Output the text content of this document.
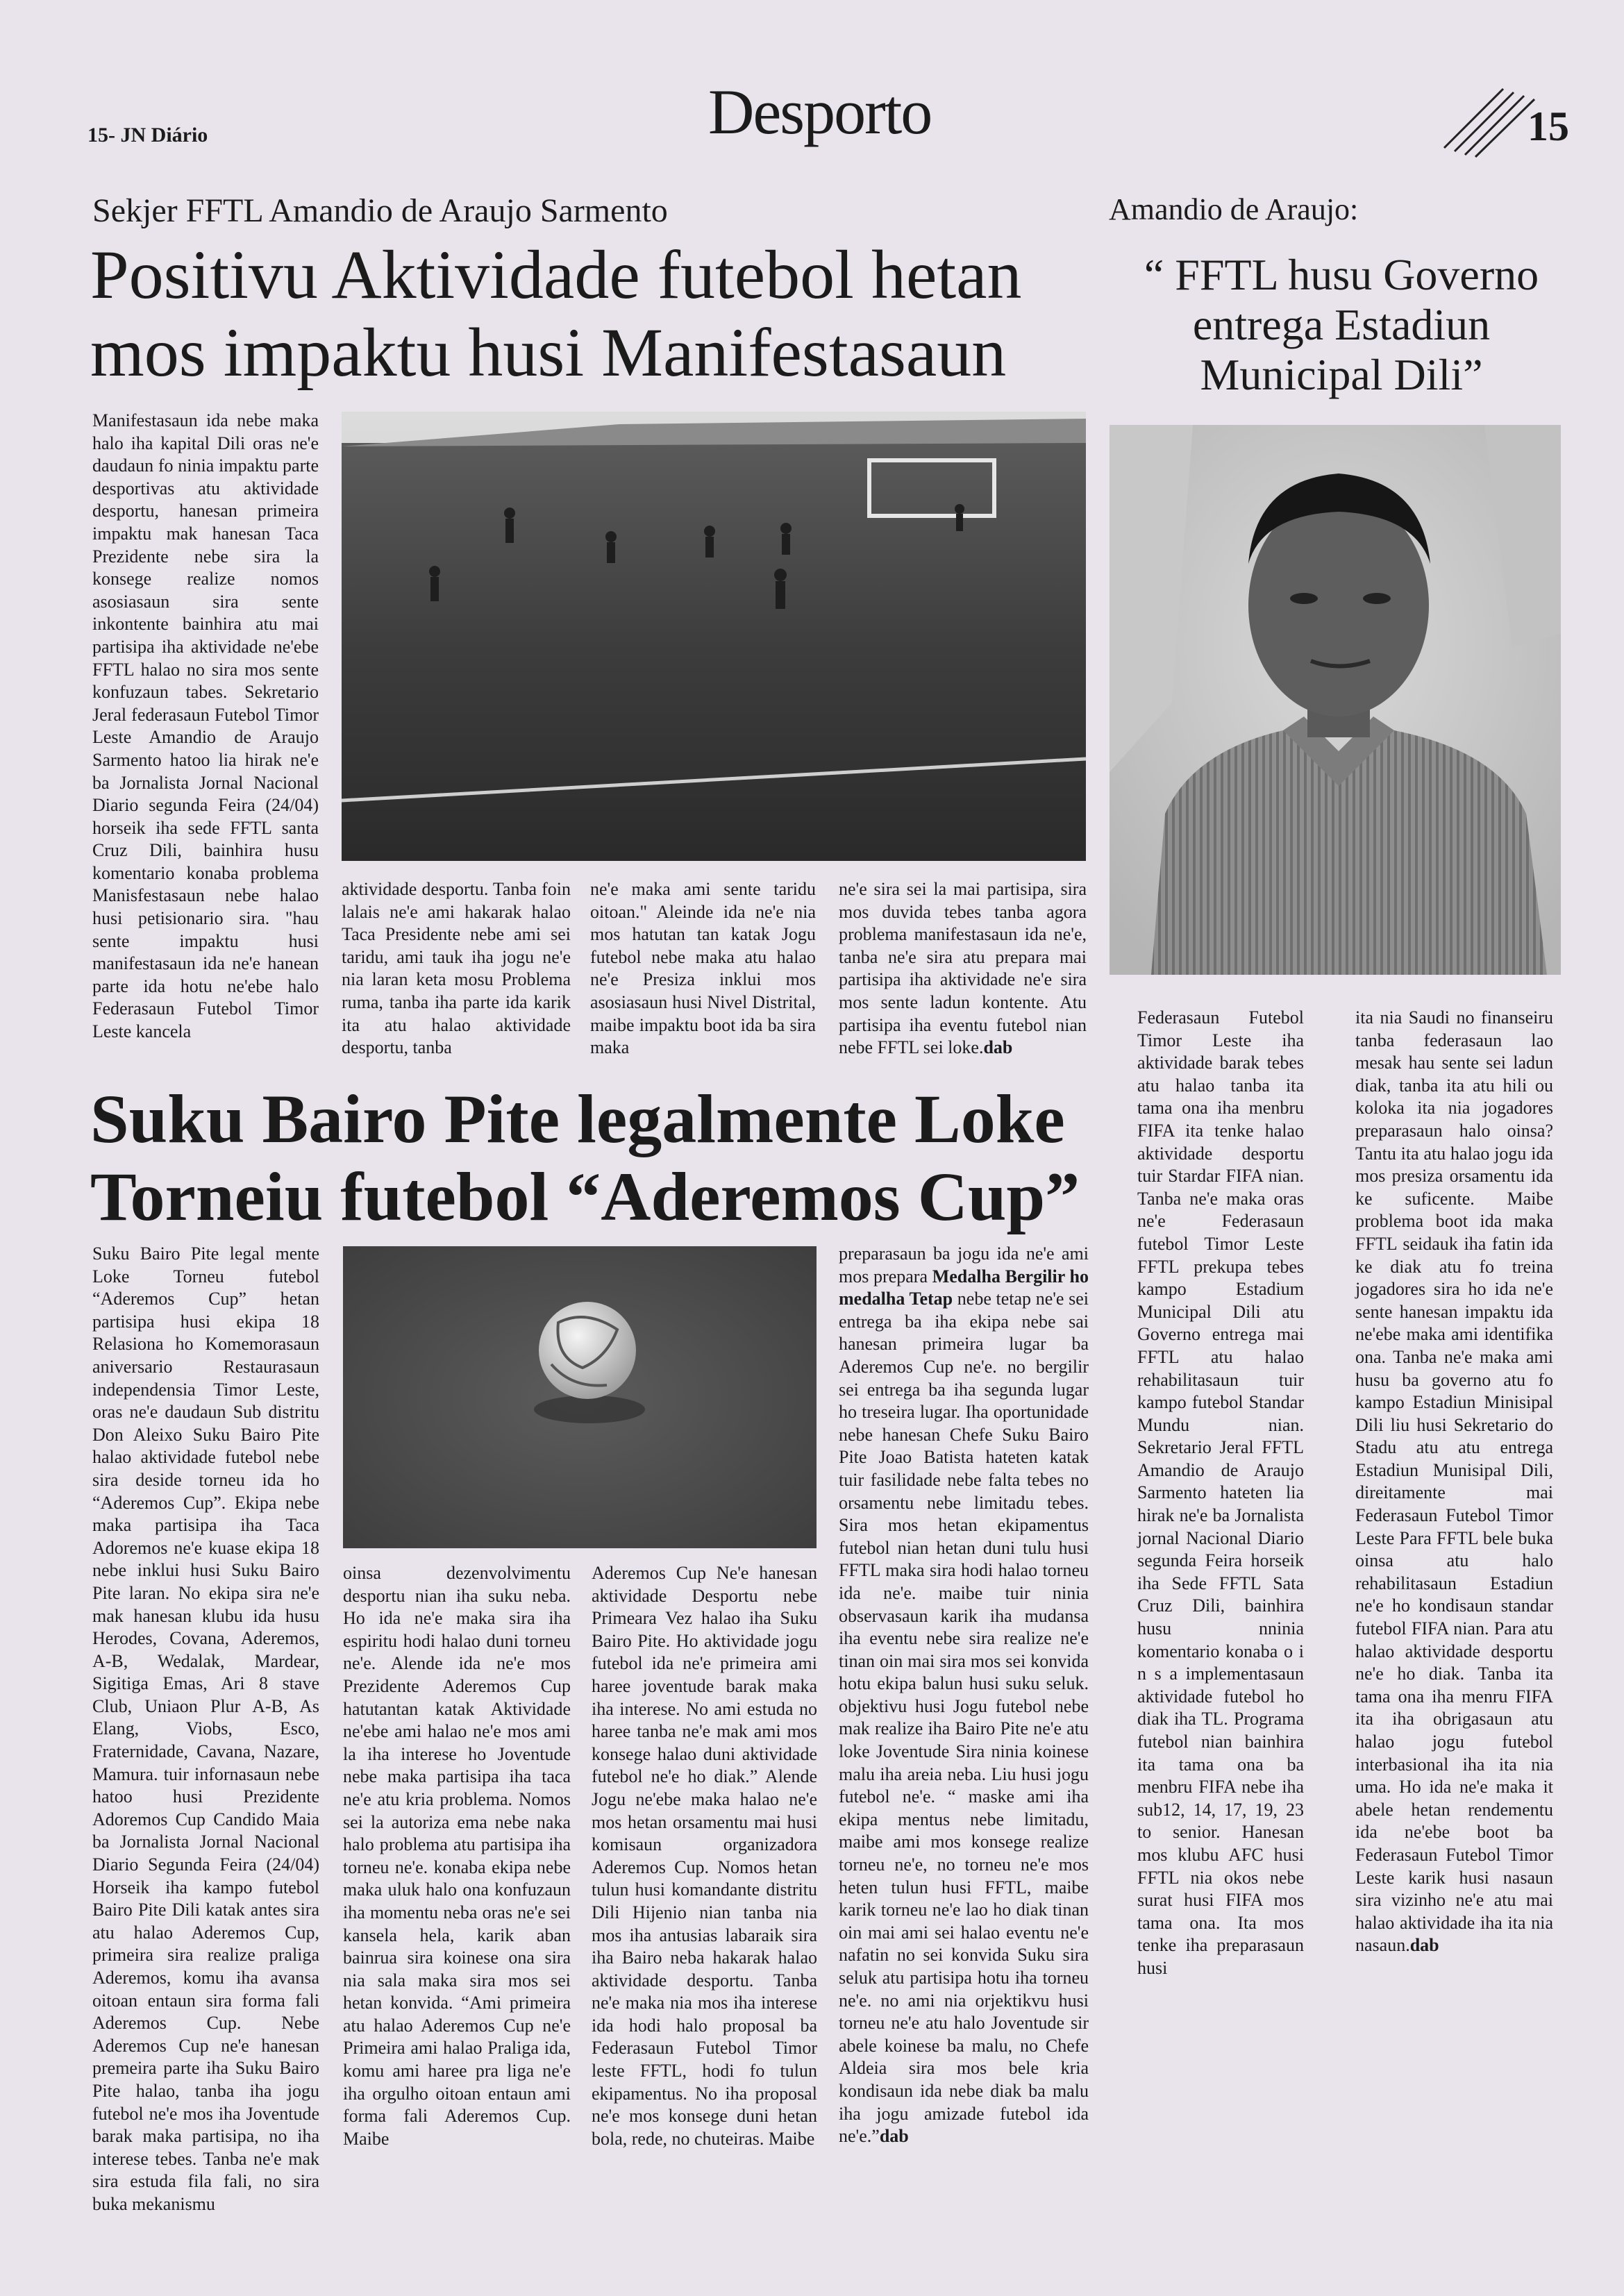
15- JN Diário	Desporto	15
Sekjer FFTL Amandio de Araujo Sarmento
Positivu Aktividade futebol hetan mos impaktu husi Manifestasaun

Manifestasaun ida nebe maka halo iha kapital Dili oras ne'e daudaun fo ninia impaktu parte desportivas atu aktividade desportu, hanesan primeira impaktu mak hanesan Taca Prezidente nebe sira la konsege realize nomos asosiasaun sira sente inkontente bainhira atu mai partisipa iha aktividade ne'ebe FFTL halao no sira mos sente konfuzaun tabes. Sekretario Jeral federasaun Futebol Timor Leste Amandio de Araujo Sarmento hatoo lia hirak ne'e ba Jornalista Jornal Nacional Diario segunda Feira (24/04) horseik iha sede FFTL santa Cruz Dili, bainhira husu komentario konaba problema Manisfestasaun nebe halao husi petisionario sira. "hau sente impaktu husi manifestasaun ida ne'e hanean parte ida hotu ne'ebe halo Federasaun Futebol Timor Leste kancela

aktividade desportu. Tanba foin lalais ne'e ami hakarak halao Taca Presidente nebe ami sei taridu, ami tauk iha jogu ne'e nia laran keta mosu Problema ruma, tanba iha parte ida karik ita atu halao aktividade desportu, tanba

ne'e maka ami sente taridu oitoan." Aleinde ida ne'e nia mos hatutan tan katak Jogu futebol nebe maka atu halao ne'e Presiza inklui mos asosiasaun husi Nivel Distrital, maibe impaktu boot ida ba sira maka

ne'e sira sei la mai partisipa, sira mos duvida tebes tanba agora problema manifestasaun ida ne'e, tanba ne'e sira atu prepara mai partisipa iha aktividade ne'e sira mos sente ladun kontente. Atu partisipa iha eventu futebol nian nebe FFTL sei loke.dab

Amandio de Araujo:
“ FFTL husu Governo entrega Estadiun Municipal Dili”

Federasaun Futebol Timor Leste iha aktividade barak tebes atu halao tanba ita tama ona iha menbru FIFA ita tenke halao aktividade desportu tuir Stardar FIFA nian. Tanba ne'e maka oras ne'e Federasaun futebol Timor Leste FFTL prekupa tebes kampo Estadium Municipal Dili atu Governo entrega mai FFTL atu halao rehabilitasaun tuir kampo futebol Standar Mundu nian. Sekretario Jeral FFTL Amandio de Araujo Sarmento hateten lia hirak ne'e ba Jornalista jornal Nacional Diario segunda Feira horseik iha Sede FFTL Sata Cruz Dili, bainhira husu nninia komentario konaba o i n s a implementasaun aktividade futebol ho diak iha TL. Programa futebol nian bainhira ita tama ona ba menbru FIFA nebe iha sub12, 14, 17, 19, 23 to senior. Hanesan mos klubu AFC husi FFTL nia okos nebe surat husi FIFA mos tama ona. Ita mos tenke iha preparasaun husi

ita nia Saudi no finanseiru tanba federasaun lao mesak hau sente sei ladun diak, tanba ita atu hili ou koloka ita nia jogadores preparasaun halo oinsa? Tantu ita atu halao jogu ida mos presiza orsamentu ida ke suficente. Maibe problema boot ida maka FFTL seidauk iha fatin ida ke diak atu fo treina jogadores sira ho ida ne'e sente hanesan impaktu ida ne'ebe maka ami identifika ona. Tanba ne'e maka ami husu ba governo atu fo kampo Estadiun Minisipal Dili liu husi Sekretario do Stadu atu atu entrega Estadiun Munisipal Dili, direitamente mai Federasaun Futebol Timor Leste Para FFTL bele buka oinsa atu halo rehabilitasaun Estadiun ne'e ho kondisaun standar futebol FIFA nian. Para atu halao aktividade desportu ne'e ho diak. Tanba ita tama ona iha menru FIFA ita iha obrigasaun atu halao jogu futebol interbasional iha ita nia uma. Ho ida ne'e maka it abele hetan rendementu ida ne'ebe boot ba Federasaun Futebol Timor Leste karik husi nasaun sira vizinho ne'e atu mai halao aktividade iha ita nia nasaun.dab

Suku Bairo Pite legalmente Loke Torneiu futebol “Aderemos Cup”

Suku Bairo Pite legal mente Loke Torneu futebol “Aderemos Cup” hetan partisipa husi ekipa 18 Relasiona ho Komemorasaun aniversario Restaurasaun independensia Timor Leste, oras ne'e daudaun Sub distritu Don Aleixo Suku Bairo Pite halao aktividade futebol nebe sira deside torneu ida ho “Aderemos Cup”. Ekipa nebe maka partisipa iha Taca Adoremos ne'e kuase ekipa 18 nebe inklui husi Suku Bairo Pite laran. No ekipa sira ne'e mak hanesan klubu ida husu Herodes, Covana, Aderemos, A-B, Wedalak, Mardear, Sigitiga Emas, Ari 8 stave Club, Uniaon Plur A-B, As Elang, Viobs, Esco, Fraternidade, Cavana, Nazare, Mamura. tuir infornasaun nebe hatoo husi Prezidente Adoremos Cup Candido Maia ba Jornalista Jornal Nacional Diario Segunda Feira (24/04) Horseik iha kampo futebol Bairo Pite Dili katak antes sira atu halao Aderemos Cup, primeira sira realize praliga Aderemos, komu iha avansa oitoan entaun sira forma fali Aderemos Cup. Nebe Aderemos Cup ne'e hanesan premeira parte iha Suku Bairo Pite halao, tanba iha jogu futebol ne'e mos iha Joventude barak maka partisipa, no iha interese tebes. Tanba ne'e mak sira estuda fila fali, no sira buka mekanismu

oinsa dezenvolvimentu desportu nian iha suku neba. Ho ida ne'e maka sira iha espiritu hodi halao duni torneu ne'e. Alende ida ne'e mos Prezidente Aderemos Cup hatutantan katak Aktividade ne'ebe ami halao ne'e mos ami la iha interese ho Joventude nebe maka partisipa iha taca ne'e atu kria problema. Nomos sei la autoriza ema nebe naka halo problema atu partisipa iha torneu ne'e. konaba ekipa nebe maka uluk halo ona konfuzaun iha momentu neba oras ne'e sei kansela hela, karik aban bainrua sira koinese ona sira nia sala maka sira mos sei hetan konvida. “Ami primeira atu halao Aderemos Cup ne'e Primeira ami halao Praliga ida, komu ami haree pra liga ne'e iha orgulho oitoan entaun ami forma fali Aderemos Cup. Maibe

Aderemos Cup Ne'e hanesan aktividade Desportu nebe Primeara Vez halao iha Suku Bairo Pite. Ho aktividade jogu futebol ida ne'e primeira ami haree joventude barak maka iha interese. No ami estuda no haree tanba ne'e mak ami mos konsege halao duni aktividade futebol ne'e ho diak.” Alende Jogu ne'ebe maka halao ne'e mos hetan orsamentu mai husi komisaun organizadora Aderemos Cup. Nomos hetan tulun husi komandante distritu Dili Hijenio nian tanba nia mos iha antusias labaraik sira iha Bairo neba hakarak halao aktividade desportu. Tanba ne'e maka nia mos iha interese ida hodi halo proposal ba Federasaun Futebol Timor leste FFTL, hodi fo tulun ekipamentus. No iha proposal ne'e mos konsege duni hetan bola, rede, no chuteiras. Maibe

preparasaun ba jogu ida ne'e ami mos prepara Medalha Bergilir ho medalha Tetap nebe tetap ne'e sei entrega ba iha ekipa nebe sai hanesan primeira lugar ba Aderemos Cup ne'e. no bergilir sei entrega ba iha segunda lugar ho treseira lugar. Iha oportunidade nebe hanesan Chefe Suku Bairo Pite Joao Batista hateten katak tuir fasilidade nebe falta tebes no orsamentu nebe limitadu tebes. Sira mos hetan ekipamentus futebol nian hetan duni tulu husi FFTL maka sira hodi halao torneu ida ne'e. maibe tuir ninia observasaun karik iha mudansa iha eventu nebe sira realize ne'e tinan oin mai sira mos sei konvida hotu ekipa balun husi suku seluk. objektivu husi Jogu futebol nebe mak realize iha Bairo Pite ne'e atu loke Joventude Sira ninia koinese malu iha areia neba. Liu husi jogu futebol ne'e. “ maske ami iha ekipa mentus nebe limitadu, maibe ami mos konsege realize torneu ne'e, no torneu ne'e mos heten tulun husi FFTL, maibe karik torneu ne'e lao ho diak tinan oin mai ami sei halao eventu ne'e nafatin no sei konvida Suku sira seluk atu partisipa hotu iha torneu ne'e. no ami nia orjektikvu husi torneu ne'e atu halo Joventude sir abele koinese ba malu, no Chefe Aldeia sira mos bele kria kondisaun ida nebe diak ba malu iha jogu amizade futebol ida ne'e.”dab
